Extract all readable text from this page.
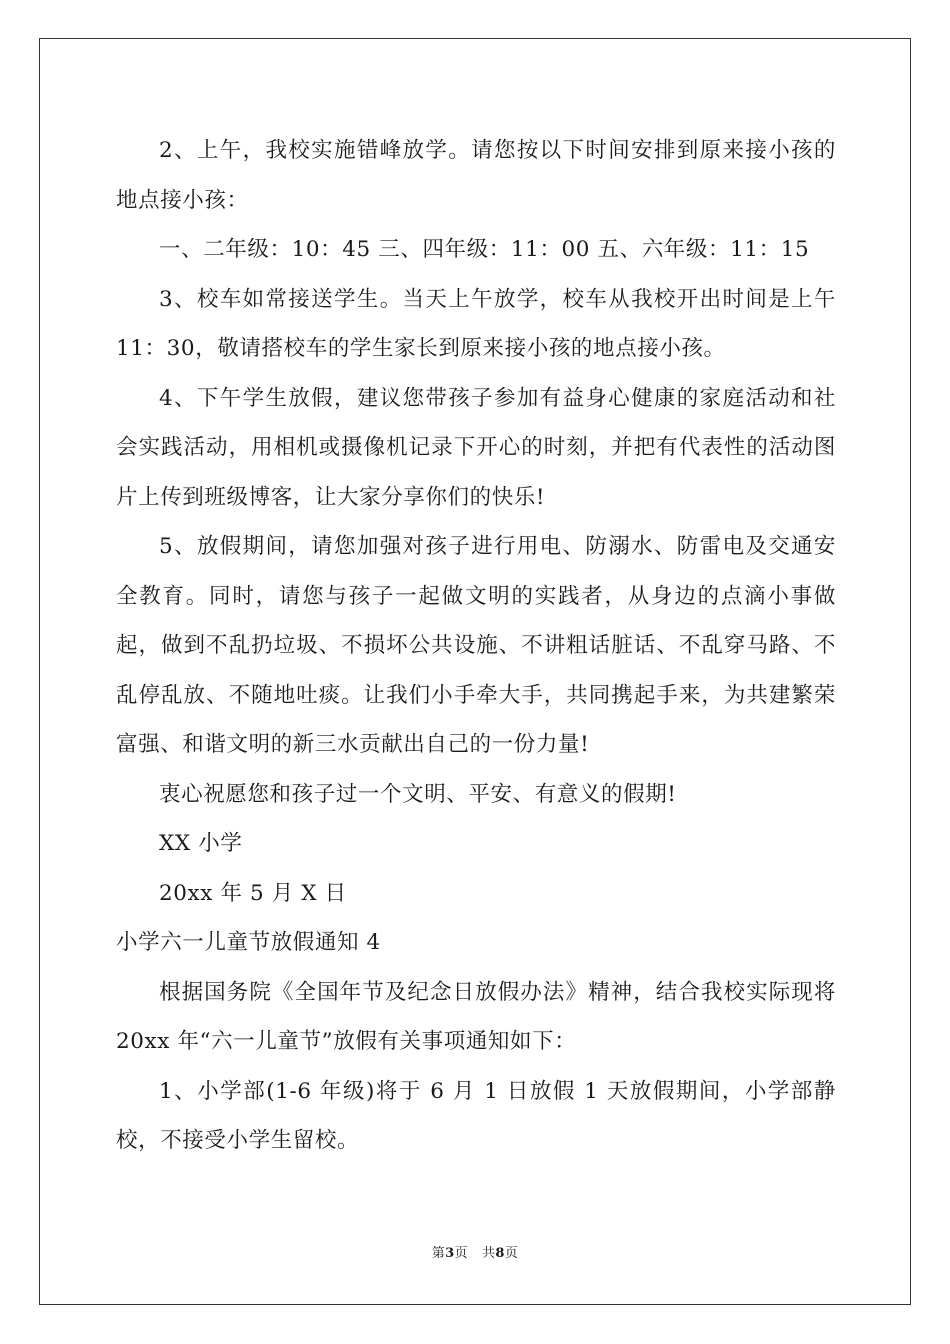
2、上午，我校实施错峰放学。请您按以下时间安排到原来接小孩的地点接小孩：

一、二年级：10：45 三、四年级：11：00 五、六年级：11：15

3、校车如常接送学生。当天上午放学，校车从我校开出时间是上午 11：30，敬请搭校车的学生家长到原来接小孩的地点接小孩。

4、下午学生放假，建议您带孩子参加有益身心健康的家庭活动和社会实践活动，用相机或摄像机记录下开心的时刻，并把有代表性的活动图片上传到班级博客，让大家分享你们的快乐!

5、放假期间，请您加强对孩子进行用电、防溺水、防雷电及交通安全教育。同时，请您与孩子一起做文明的实践者，从身边的点滴小事做起，做到不乱扔垃圾、不损坏公共设施、不讲粗话脏话、不乱穿马路、不乱停乱放、不随地吐痰。让我们小手牵大手，共同携起手来，为共建繁荣富强、和谐文明的新三水贡献出自己的一份力量!

衷心祝愿您和孩子过一个文明、平安、有意义的假期!

XX 小学

20xx 年 5 月 X 日

小学六一儿童节放假通知 4

根据国务院《全国年节及纪念日放假办法》精神，结合我校实际现将 20xx 年“六一儿童节”放假有关事项通知如下：

1、小学部(1-6 年级)将于 6 月 1 日放假 1 天放假期间，小学部静校，不接受小学生留校。

第3页 共8页
